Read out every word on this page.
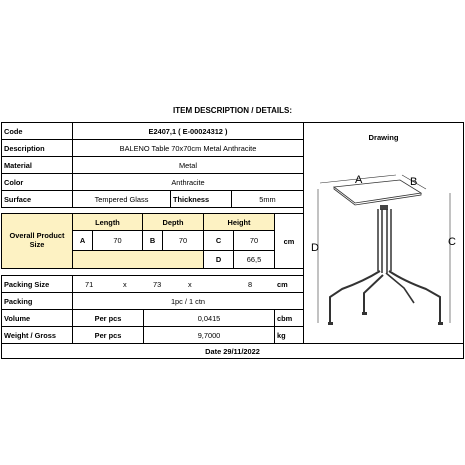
ITEM DESCRIPTION / DETAILS:
Code	E2407,1 ( E-00024312 )
Description	BALENO Table 70x70cm Metal Anthracite
Material	Metal
Color	Anthracite
Surface	Tempered Glass	Thickness	5mm
Overall Product Size
Length	Depth	Height
cm
A	70	B	70	C	70
D	66,5
Packing Size	71	x	73	x	8	cm
Packing	1pc / 1 ctn
Volume	Per pcs	0,0415	cbm
Weight / Gross	Per pcs	9,7000	kg
Date 29/11/2022
Drawing
A	B
D	C
